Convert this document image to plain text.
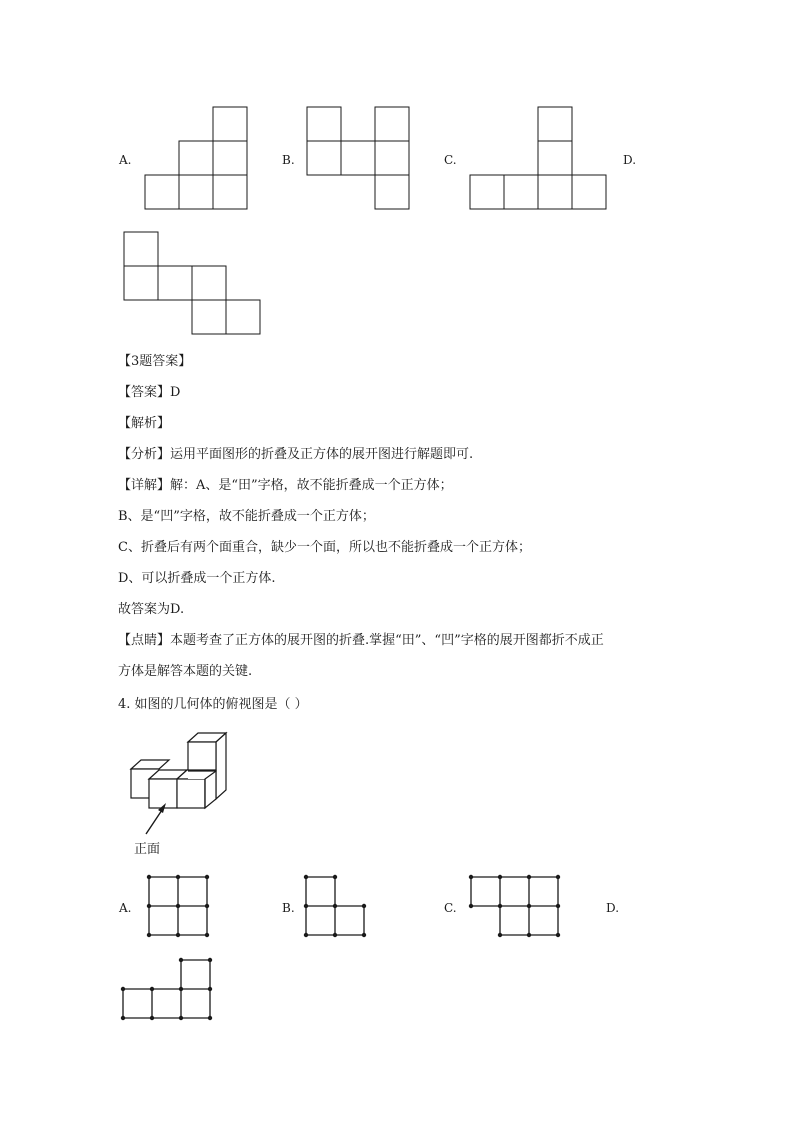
A.	B.	C.	D.
【3题答案】
【答案】D
【解析】
【分析】运用平面图形的折叠及正方体的展开图进行解题即可.
【详解】解：A、是“田”字格，故不能折叠成一个正方体；
B、是“凹”字格，故不能折叠成一个正方体；
C、折叠后有两个面重合，缺少一个面，所以也不能折叠成一个正方体；
D、可以折叠成一个正方体.
故答案为D.
【点睛】本题考查了正方体的展开图的折叠.掌握“田”、“凹”字格的展开图都折不成正
方体是解答本题的关键.
4. 如图的几何体的俯视图是（ ）
正面
A.	B.	C.	D.
